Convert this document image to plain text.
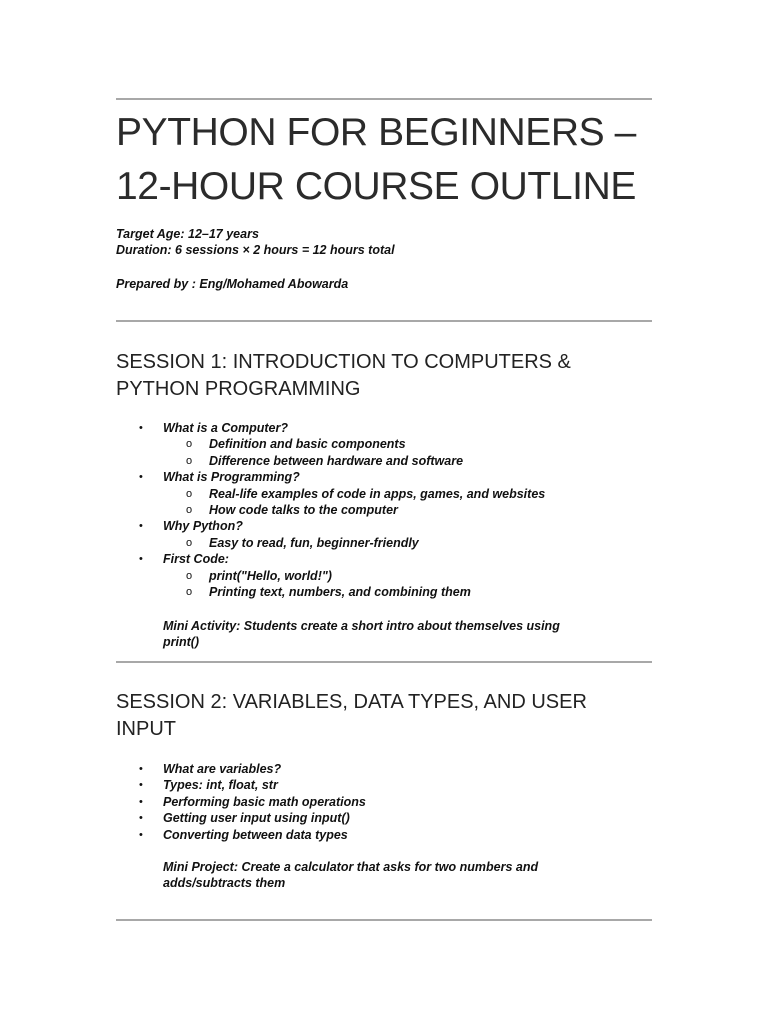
PYTHON FOR BEGINNERS – 12-HOUR COURSE OUTLINE
Target Age: 12–17 years
Duration: 6 sessions × 2 hours = 12 hours total
Prepared by : Eng/Mohamed Abowarda
SESSION 1: INTRODUCTION TO COMPUTERS & PYTHON PROGRAMMING
• What is a Computer?
o Definition and basic components
o Difference between hardware and software
• What is Programming?
o Real-life examples of code in apps, games, and websites
o How code talks to the computer
• Why Python?
o Easy to read, fun, beginner-friendly
• First Code:
o print("Hello, world!")
o Printing text, numbers, and combining them
Mini Activity: Students create a short intro about themselves using print()
SESSION 2: VARIABLES, DATA TYPES, AND USER INPUT
• What are variables?
• Types: int, float, str
• Performing basic math operations
• Getting user input using input()
• Converting between data types
Mini Project: Create a calculator that asks for two numbers and adds/subtracts them
